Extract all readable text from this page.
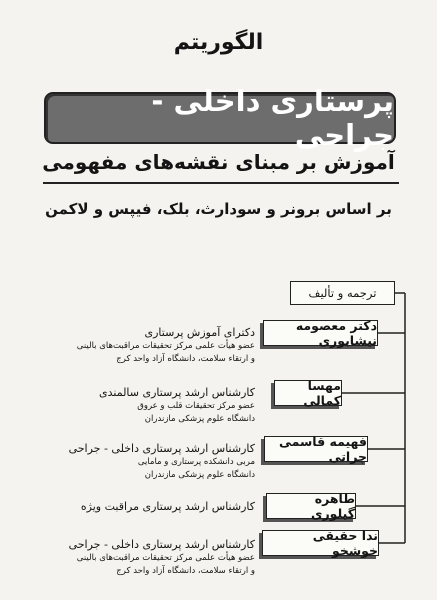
الگوریتم
پرستاری داخلی - جراحی
آموزش بر مبنای نقشه‌های مفهومی
بر اساس برونر و سودارث، بلک، فیپس و لاکمن
ترجمه و تألیف
دکتر معصومه نیشابوری
دکترای آموزش پرستاری
عضو هیأت علمی مرکز تحقیقات مراقبت‌های بالینی
و ارتقاء سلامت، دانشگاه آزاد واحد کرج
مهسا کمالی
کارشناس ارشد پرستاری سالمندی
عضو مرکز تحقیقات قلب و عروق
دانشگاه علوم پزشکی مازندران
فهیمه قاسمی چراتی
کارشناس ارشد پرستاری داخلی - جراحی
مربی دانشکده پرستاری و مامایی
دانشگاه علوم پزشکی مازندران
طاهره گیلوری
کارشناس ارشد پرستاری مراقبت ویژه
ندا حقیقی خوشخو
کارشناس ارشد پرستاری داخلی - جراحی
عضو هیأت علمی مرکز تحقیقات مراقبت‌های بالینی
و ارتقاء سلامت، دانشگاه آزاد واحد کرج
